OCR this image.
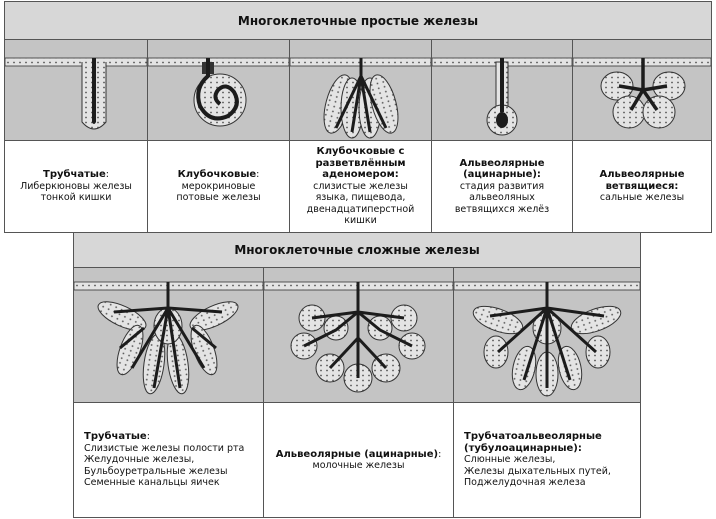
Многоклеточные простые железы
Трубчатые:
Либеркюновы железы
тонкой кишки
Клубочковые:
мерокриновые
потовые железы
Клубочковые с разветвлённым аденомером:
слизистые железы
языка, пищевода,
двенадцатиперстной
кишки
Альвеолярные (ацинарные):
стадия развития
альвеоляных
ветвящихся желёз
Альвеолярные ветвящиеся:
сальные железы
Многоклеточные сложные железы
Трубчатые:
Слизистые железы полости рта
Желудочные железы,
Бульбоуретральные железы
Семенные канальцы яичек
Альвеолярные (ацинарные):
молочные железы
Трубчатоальвеолярные (тубулоацинарные):
Слюнные железы,
Железы дыхательных путей,
Поджелудочная железа
